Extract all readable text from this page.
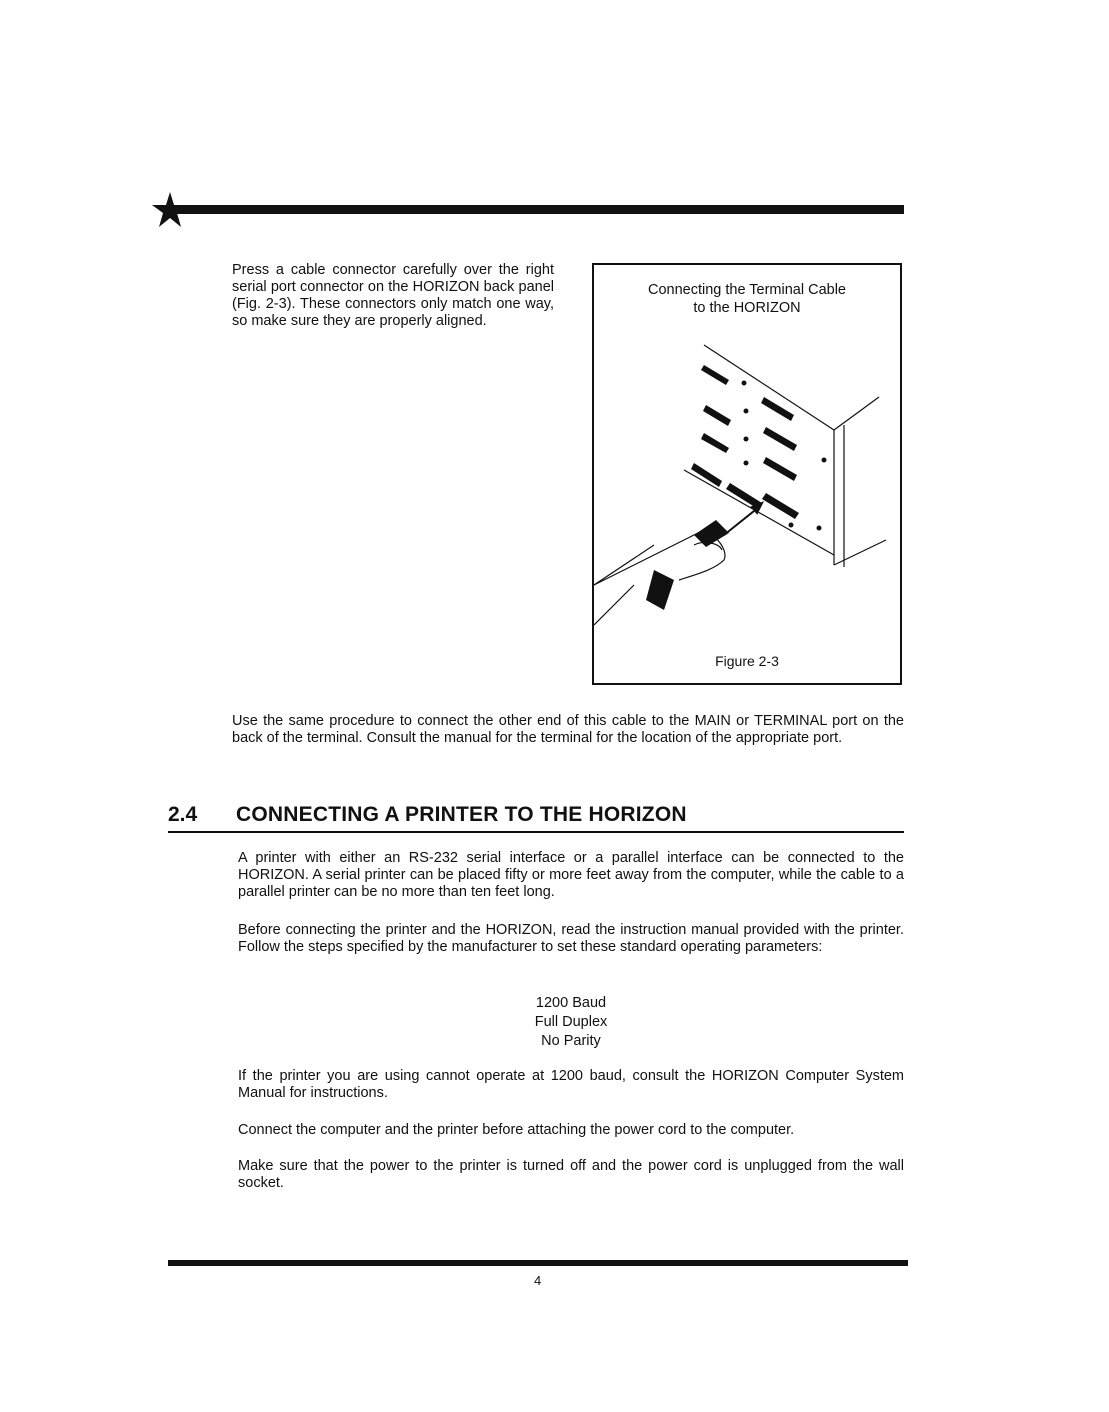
Press a cable connector carefully over the right serial port connector on the HORIZON back panel (Fig. 2-3). These connectors only match one way, so make sure they are properly aligned.
Connecting the Terminal Cable
to the HORIZON
Figure 2-3
Use the same procedure to connect the other end of this cable to the MAIN or TERMINAL port on the back of the terminal. Consult the manual for the terminal for the location of the appropriate port.
2.4 CONNECTING A PRINTER TO THE HORIZON
A printer with either an RS-232 serial interface or a parallel interface can be connected to the HORIZON. A serial printer can be placed fifty or more feet away from the computer, while the cable to a parallel printer can be no more than ten feet long.
Before connecting the printer and the HORIZON, read the instruction manual provided with the printer. Follow the steps specified by the manufacturer to set these standard operating parameters:
1200 Baud
Full Duplex
No Parity
If the printer you are using cannot operate at 1200 baud, consult the HORIZON Computer System Manual for instructions.
Connect the computer and the printer before attaching the power cord to the computer.
Make sure that the power to the printer is turned off and the power cord is unplugged from the wall socket.
4
